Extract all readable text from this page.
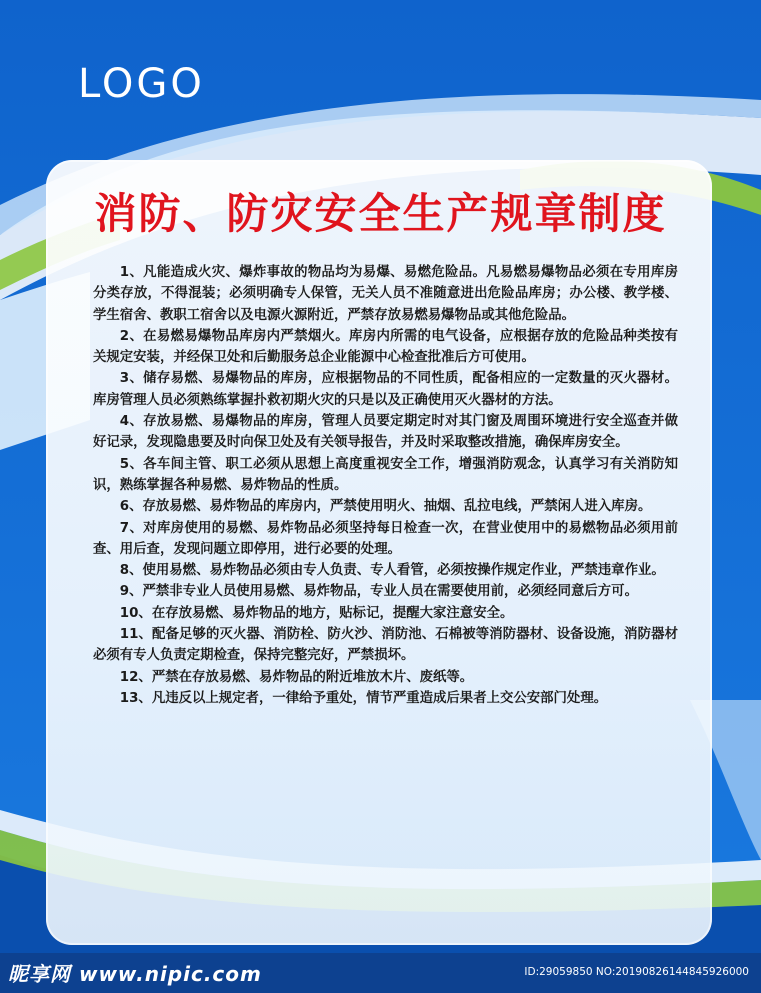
LOGO
消防、防灾安全生产规章制度

1、凡能造成火灾、爆炸事故的物品均为易爆、易燃危险品。凡易燃易爆物品必须在专用库房分类存放，不得混装；必须明确专人保管，无关人员不准随意进出危险品库房；办公楼、教学楼、学生宿舍、教职工宿舍以及电源火源附近，严禁存放易燃易爆物品或其他危险品。

2、在易燃易爆物品库房内严禁烟火。库房内所需的电气设备，应根据存放的危险品种类按有关规定安装，并经保卫处和后勤服务总企业能源中心检查批准后方可使用。

3、储存易燃、易爆物品的库房，应根据物品的不同性质，配备相应的一定数量的灭火器材。库房管理人员必须熟练掌握扑救初期火灾的只是以及正确使用灭火器材的方法。

4、存放易燃、易爆物品的库房，管理人员要定期定时对其门窗及周围环境进行安全巡查并做好记录，发现隐患要及时向保卫处及有关领导报告，并及时采取整改措施，确保库房安全。

5、各车间主管、职工必须从思想上高度重视安全工作，增强消防观念，认真学习有关消防知识，熟练掌握各种易燃、易炸物品的性质。

6、存放易燃、易炸物品的库房内，严禁使用明火、抽烟、乱拉电线，严禁闲人进入库房。

7、对库房使用的易燃、易炸物品必须坚持每日检查一次，在营业使用中的易燃物品必须用前查、用后查，发现问题立即停用，进行必要的处理。

8、使用易燃、易炸物品必须由专人负责、专人看管，必须按操作规定作业，严禁违章作业。

9、严禁非专业人员使用易燃、易炸物品，专业人员在需要使用前，必须经同意后方可。

10、在存放易燃、易炸物品的地方，贴标记，提醒大家注意安全。

11、配备足够的灭火器、消防栓、防火沙、消防池、石棉被等消防器材、设备设施，消防器材必须有专人负责定期检查，保持完整完好，严禁损坏。

12、严禁在存放易燃、易炸物品的附近堆放木片、废纸等。

13、凡违反以上规定者，一律给予重处，情节严重造成后果者上交公安部门处理。

昵享网 www.nipic.com	ID:29059850 NO:20190826144845926000
